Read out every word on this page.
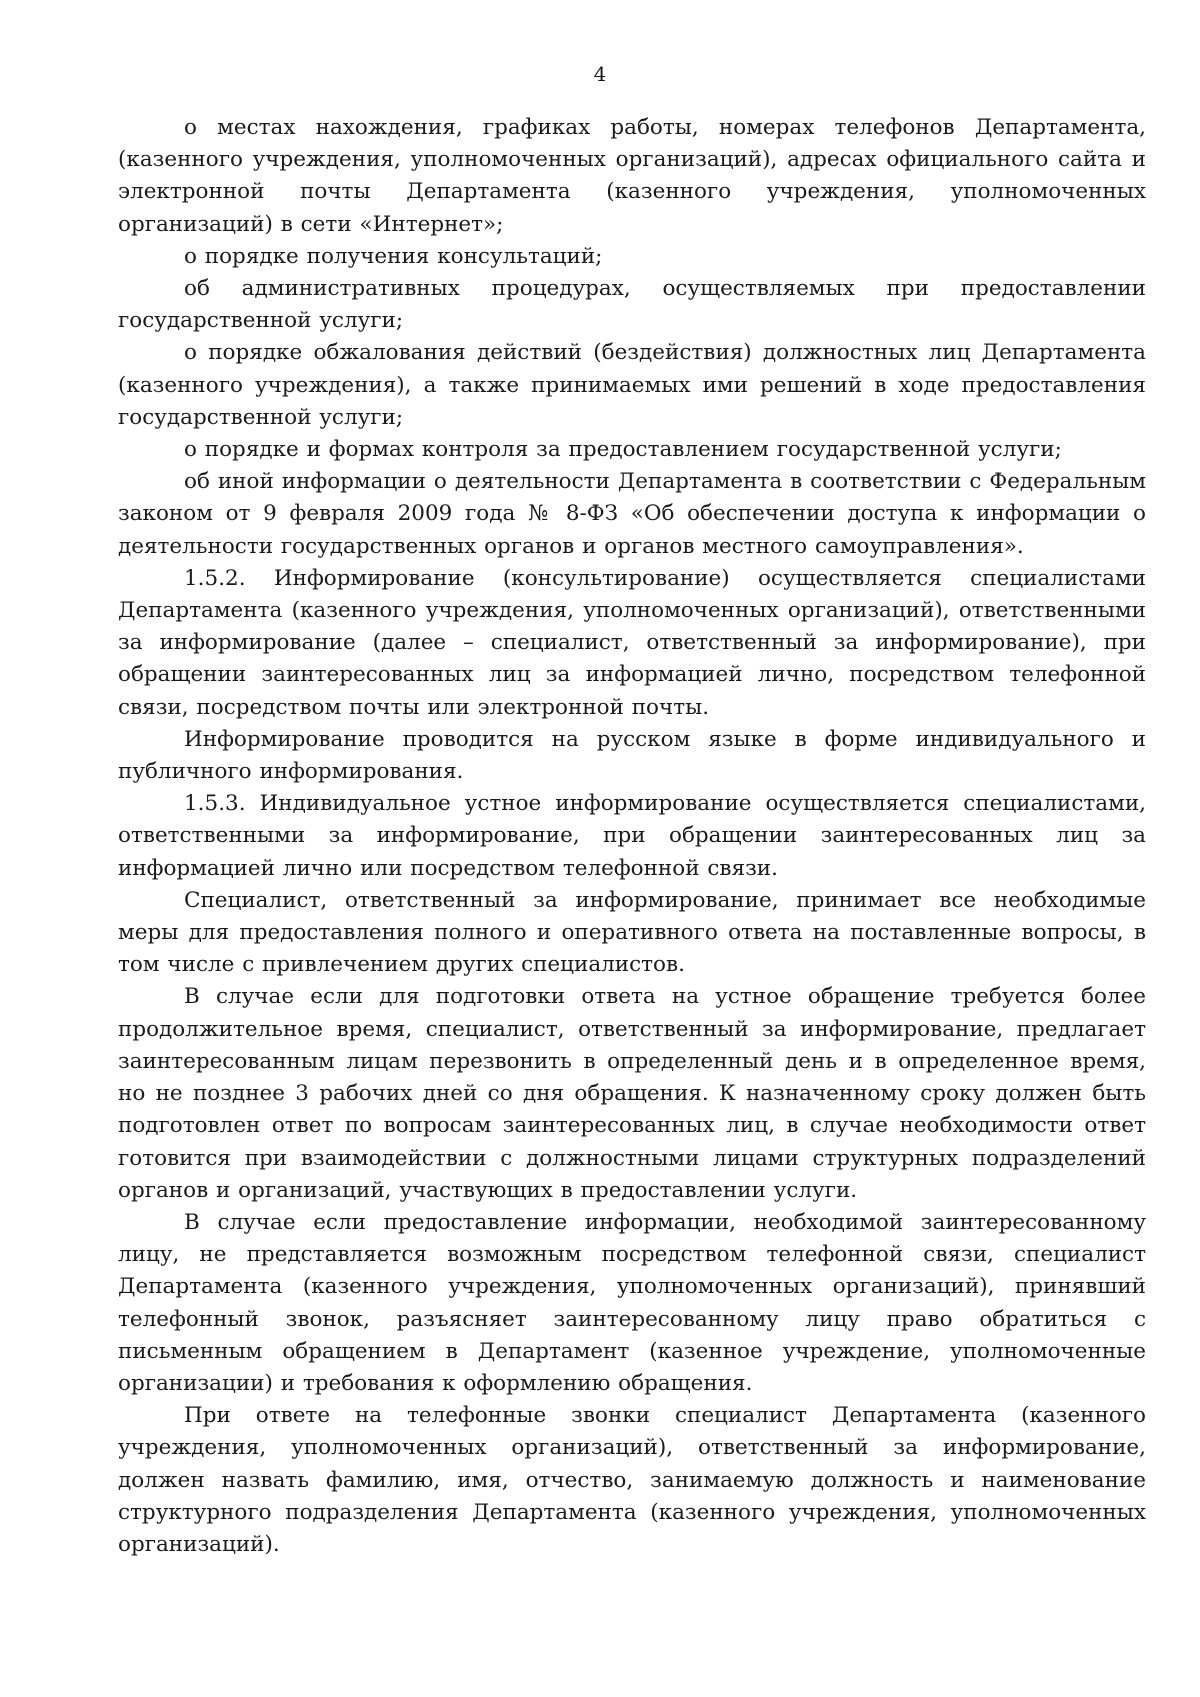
4

о местах нахождения, графиках работы, номерах телефонов Департамента, (казенного учреждения, уполномоченных организаций), адресах официального сайта и электронной почты Департамента (казенного учреждения, уполномоченных организаций) в сети «Интернет»;

о порядке получения консультаций;

об административных процедурах, осуществляемых при предоставлении государственной услуги;

о порядке обжалования действий (бездействия) должностных лиц Департамента (казенного учреждения), а также принимаемых ими решений в ходе предоставления государственной услуги;

о порядке и формах контроля за предоставлением государственной услуги;

об иной информации о деятельности Департамента в соответствии с Федеральным законом от 9 февраля 2009 года № 8-ФЗ «Об обеспечении доступа к информации о деятельности государственных органов и органов местного самоуправления».

1.5.2. Информирование (консультирование) осуществляется специалистами Департамента (казенного учреждения, уполномоченных организаций), ответственными за информирование (далее – специалист, ответственный за информирование), при обращении заинтересованных лиц за информацией лично, посредством телефонной связи, посредством почты или электронной почты.

Информирование проводится на русском языке в форме индивидуального и публичного информирования.

1.5.3. Индивидуальное устное информирование осуществляется специалистами, ответственными за информирование, при обращении заинтересованных лиц за информацией лично или посредством телефонной связи.

Специалист, ответственный за информирование, принимает все необходимые меры для предоставления полного и оперативного ответа на поставленные вопросы, в том числе с привлечением других специалистов.

В случае если для подготовки ответа на устное обращение требуется более продолжительное время, специалист, ответственный за информирование, предлагает заинтересованным лицам перезвонить в определенный день и в определенное время, но не позднее 3 рабочих дней со дня обращения. К назначенному сроку должен быть подготовлен ответ по вопросам заинтересованных лиц, в случае необходимости ответ готовится при взаимодействии с должностными лицами структурных подразделений органов и организаций, участвующих в предоставлении услуги.

В случае если предоставление информации, необходимой заинтересованному лицу, не представляется возможным посредством телефонной связи, специалист Департамента (казенного учреждения, уполномоченных организаций), принявший телефонный звонок, разъясняет заинтересованному лицу право обратиться с письменным обращением в Департамент (казенное учреждение, уполномоченные организации) и требования к оформлению обращения.

При ответе на телефонные звонки специалист Департамента (казенного учреждения, уполномоченных организаций), ответственный за информирование, должен назвать фамилию, имя, отчество, занимаемую должность и наименование структурного подразделения Департамента (казенного учреждения, уполномоченных организаций).
